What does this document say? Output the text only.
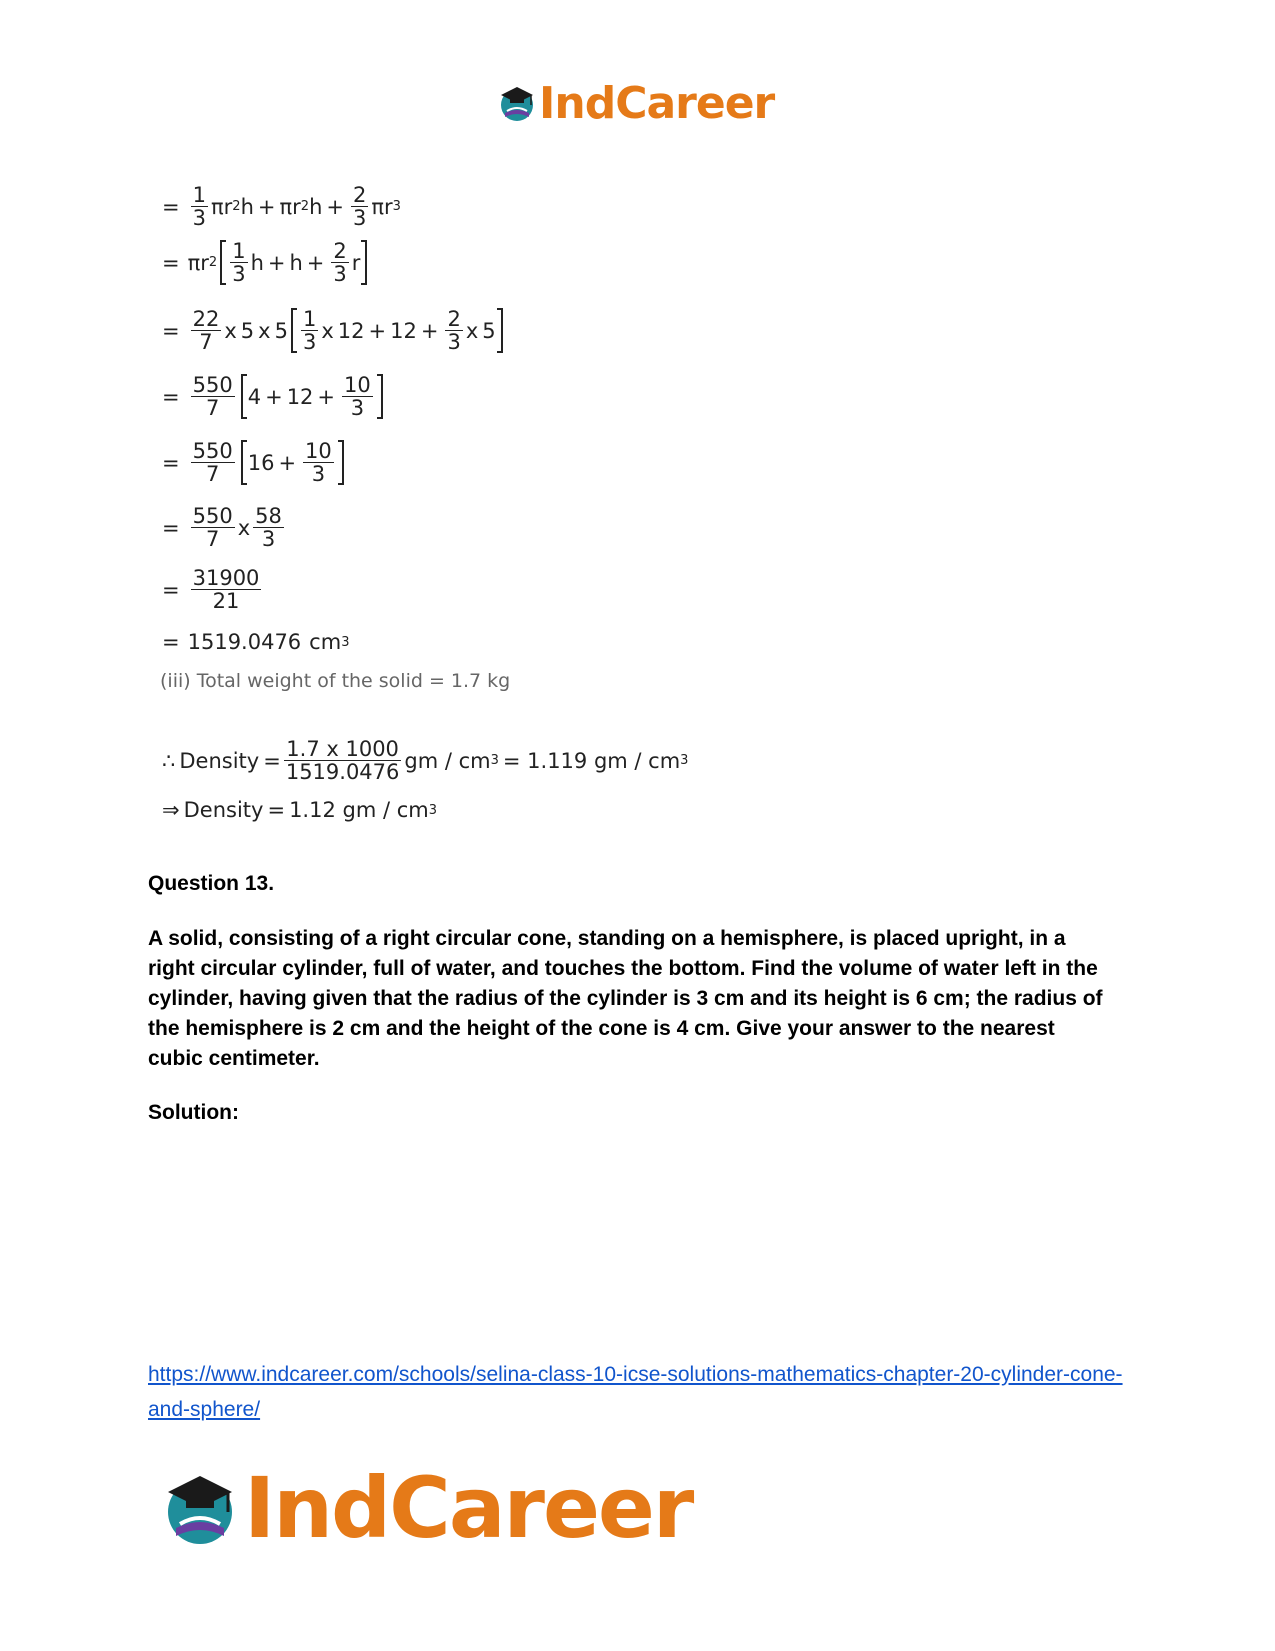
IndCareer
= $\frac{1}{3}$ π r 2 h + π r 2 $h + \frac{2}{3}$ π r 3
= π r $2 \frac{1}{3}$ $h + h + \frac{2}{3}$ r
= $\frac{22}{7}$ x 5 x $5 \frac{1}{3}$ x $12 + 12 + \frac{2}{3}$ x 5
= $\frac{550}{7} 4 + 12 + \frac{10}{3}$
= $\frac{550}{7} 16 + \frac{10}{3}$
= $\frac{550}{7}$ x $\frac{58}{3}$
= $\frac{31900}{21}$
= 1519.0476 cm 3
(iii) Total weight of the solid = 1.7 kg
∴ Density = $\frac{1.7 x 1000}{1519.0476}$ gm / cm 3 = 1.119 gm / cm 3
⇒ Density = 1.12 gm / cm 3
Question 13.
A solid, consisting of a right circular cone, standing on a hemisphere, is placed upright, in a right circular cylinder, full of water, and touches the bottom. Find the volume of water left in the cylinder, having given that the radius of the cylinder is 3 cm and its height is 6 cm; the radius of the hemisphere is 2 cm and the height of the cone is 4 cm. Give your answer to the nearest cubic centimeter.
Solution:
https://www.indcareer.com/schools/selina-class-10-icse-solutions-mathematics-chapter-20-cylinder-cone-and-sphere/
IndCareer
